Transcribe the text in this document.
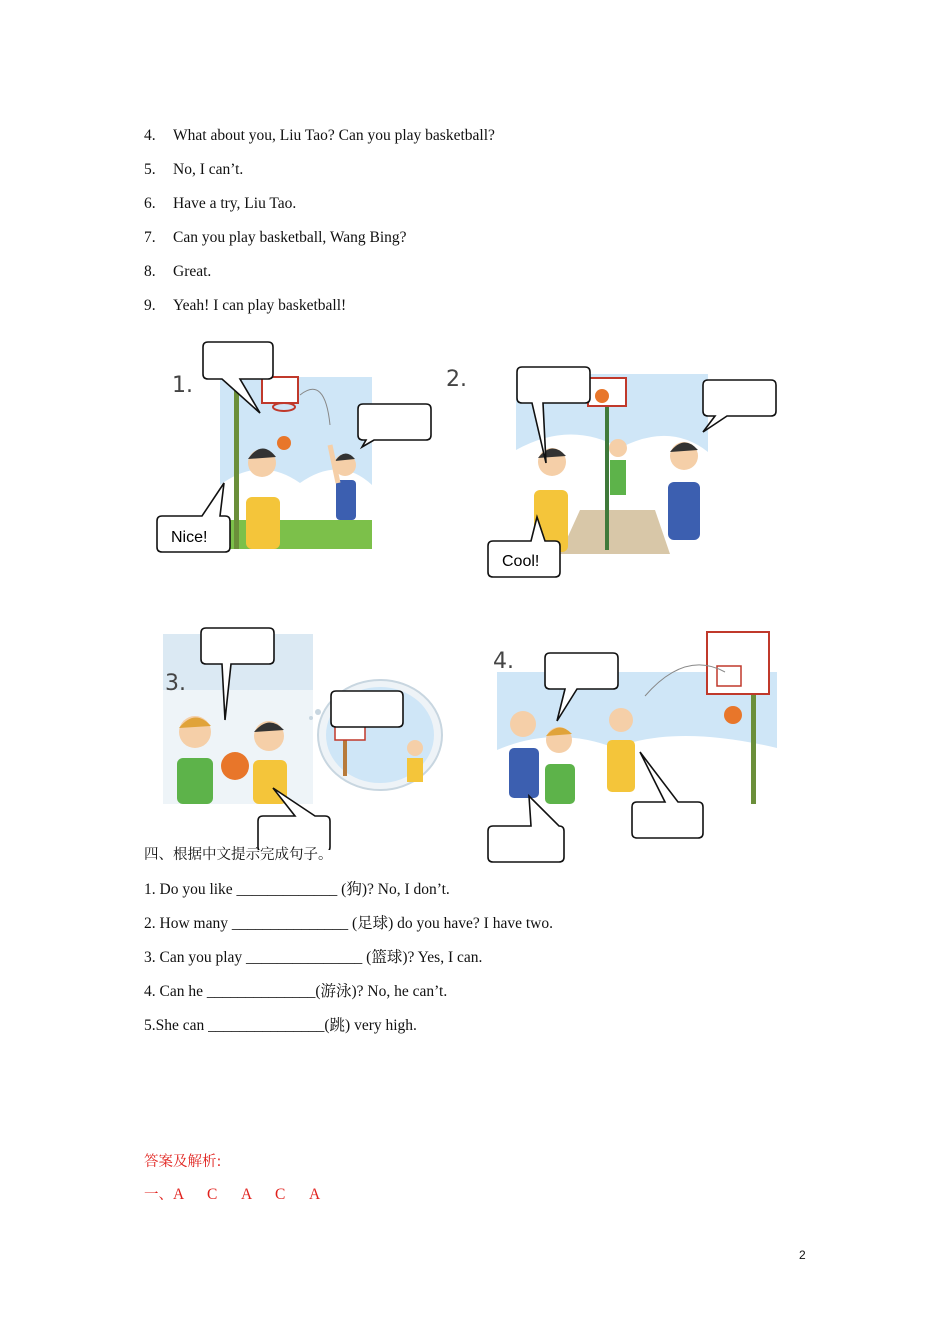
4. What about you, Liu Tao? Can you play basketball?
5. No, I can’t.
6. Have a try, Liu Tao.
7. Can you play basketball, Wang Bing?
8. Great.
9. Yeah! I can play basketball!
1.
Nice!
2.
Cool!
3.
4.
四、根据中文提示完成句子。
1. Do you like _____________ (狗)? No, I don’t.
2. How many _______________ (足球) do you have? I have two.
3. Can you play _______________ (篮球)? Yes, I can.
4. Can he ______________(游泳)? No, he can’t.
5.She can _______________(跳) very high.
答案及解析:
一、A C A C A
2
